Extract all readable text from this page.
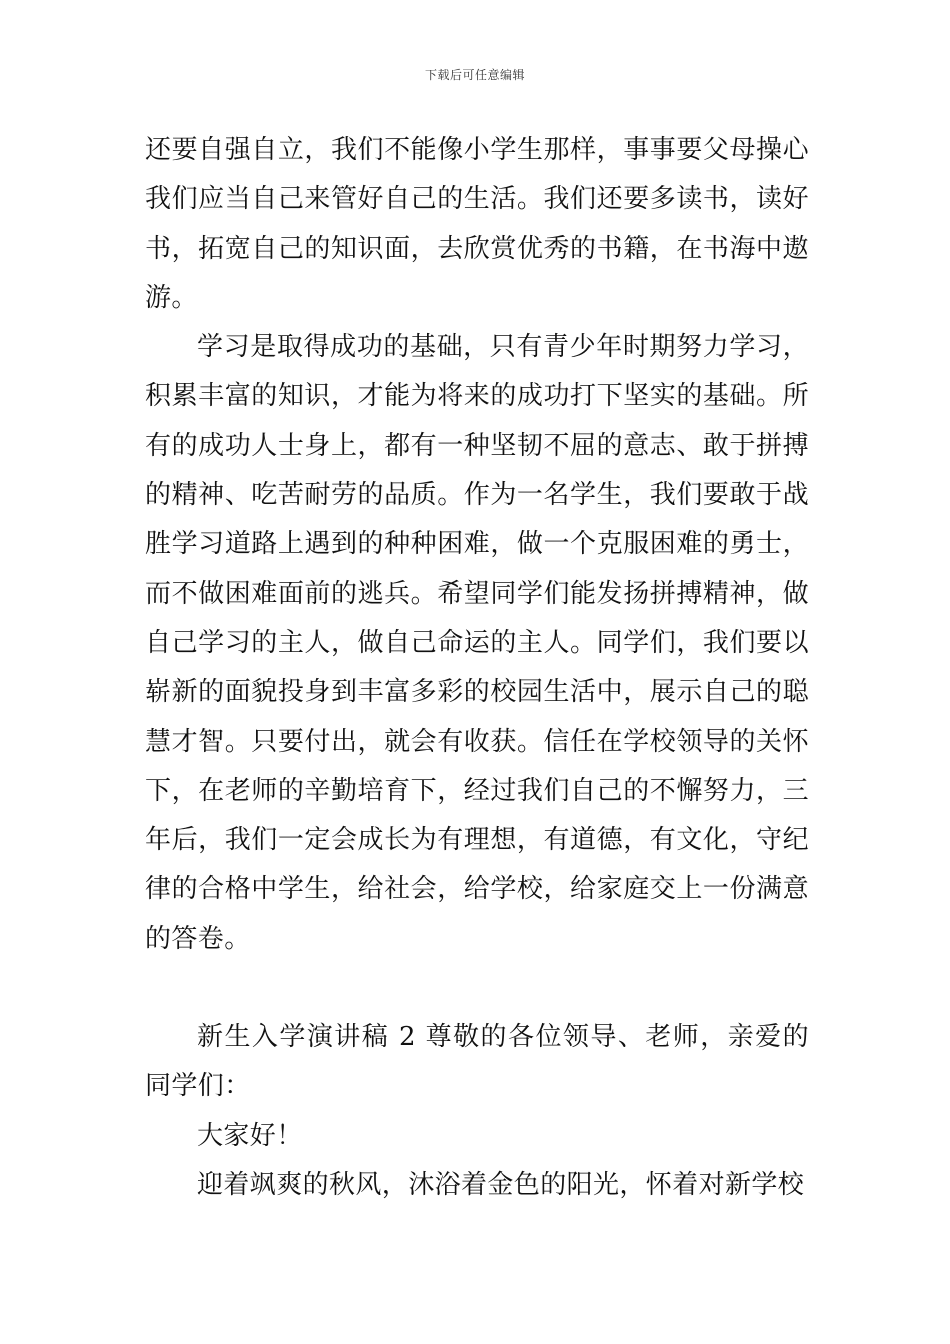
下载后可任意编辑

还要自强自立，我们不能像小学生那样，事事要父母操心我们应当自己来管好自己的生活。我们还要多读书，读好书，拓宽自己的知识面，去欣赏优秀的书籍，在书海中遨游。

学习是取得成功的基础，只有青少年时期努力学习，积累丰富的知识，才能为将来的成功打下坚实的基础。所有的成功人士身上，都有一种坚韧不屈的意志、敢于拼搏的精神、吃苦耐劳的品质。作为一名学生，我们要敢于战胜学习道路上遇到的种种困难，做一个克服困难的勇士，而不做困难面前的逃兵。希望同学们能发扬拼搏精神，做自己学习的主人，做自己命运的主人。同学们，我们要以崭新的面貌投身到丰富多彩的校园生活中，展示自己的聪慧才智。只要付出，就会有收获。信任在学校领导的关怀下，在老师的辛勤培育下，经过我们自己的不懈努力，三年后，我们一定会成长为有理想，有道德，有文化，守纪律的合格中学生，给社会，给学校，给家庭交上一份满意的答卷。

新生入学演讲稿 2 尊敬的各位领导、老师，亲爱的同学们：

大家好！

迎着飒爽的秋风，沐浴着金色的阳光，怀着对新学校
